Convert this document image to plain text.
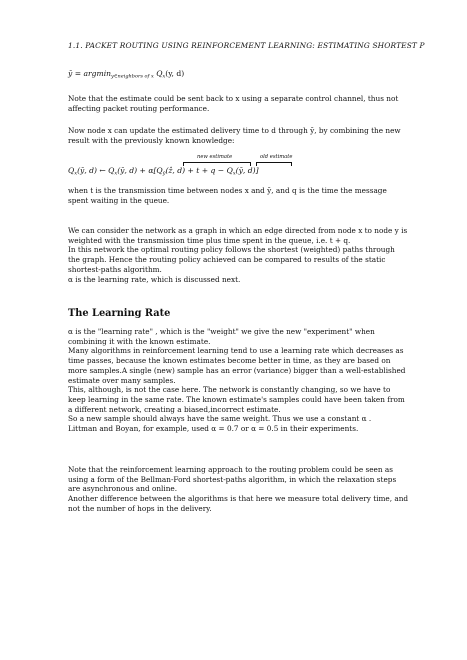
1.1. PACKET ROUTING USING REINFORCEMENT LEARNING: ESTIMATING SHORTEST P
ȳ = argmin$_{y\in neighbors of x}$ $Q_x(y$, d)

Note that the estimate could be sent back to x using a separate control channel, thus not
affecting packet routing performance.

Now node x can update the estimated delivery time to d through ȳ, by combining the new
result with the previously known knowledge:

new estimate	old estimate
$Q_x(ȳ$, d) ← $Q_x(ȳ$, $d) + \alpha[Q_ȳ(ẑ$, $d) + t + q - Q_x(ȳ$, d)]

when t is the transmission time between nodes x and ȳ, and q is the time the message
spent waiting in the queue.

We can consider the network as a graph in which an edge directed from node x to node y is
weighted with the transmission time plus time spent in the queue, i.e. t + q.
In this network the optimal routing policy follows the shortest (weighted) paths through
the graph. Hence the routing policy achieved can be compared to results of the static
shortest-paths algorithm.
α is the learning rate, which is discussed next.

The Learning Rate

α is the "learning rate" , which is the "weight" we give the new "experiment" when
combining it with the known estimate.
Many algorithms in reinforcement learning tend to use a learning rate which decreases as
time passes, because the known estimates become better in time, as they are based on
more samples.A single (new) sample has an error (variance) bigger than a well-established
estimate over many samples.
This, although, is not the case here. The network is constantly changing, so we have to
keep learning in the same rate. The known estimate's samples could have been taken from
a different network, creating a biased,incorrect estimate.
So a new sample should always have the same weight. Thus we use a constant α .
Littman and Boyan, for example, used α = 0.7 or α = 0.5 in their experiments.

Note that the reinforcement learning approach to the routing problem could be seen as
using a form of the Bellman-Ford shortest-paths algorithm, in which the relaxation steps
are asynchronous and online.
Another difference between the algorithms is that here we measure total delivery time, and
not the number of hops in the delivery.
